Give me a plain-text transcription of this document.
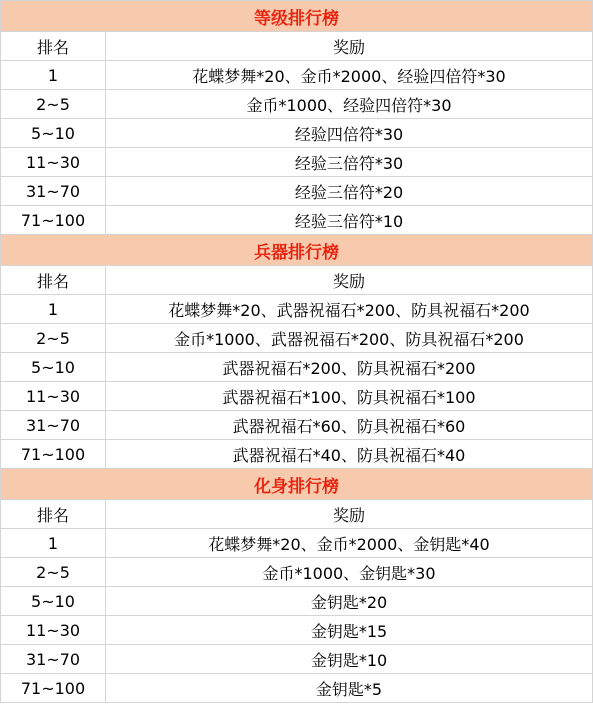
等级排行榜	
排名	奖励
1	花蝶梦舞*20、金币*2000、经验四倍符*30
2~5	金币*1000、经验四倍符*30
5~10	经验四倍符*30
11~30	经验三倍符*30
31~70	经验三倍符*20
71~100	经验三倍符*10
兵器排行榜	
排名	奖励
1	花蝶梦舞*20、武器祝福石*200、防具祝福石*200
2~5	金币*1000、武器祝福石*200、防具祝福石*200
5~10	武器祝福石*200、防具祝福石*200
11~30	武器祝福石*100、防具祝福石*100
31~70	武器祝福石*60、防具祝福石*60
71~100	武器祝福石*40、防具祝福石*40
化身排行榜	
排名	奖励
1	花蝶梦舞*20、金币*2000、金钥匙*40
2~5	金币*1000、金钥匙*30
5~10	金钥匙*20
11~30	金钥匙*15
31~70	金钥匙*10
71~100	金钥匙*5
